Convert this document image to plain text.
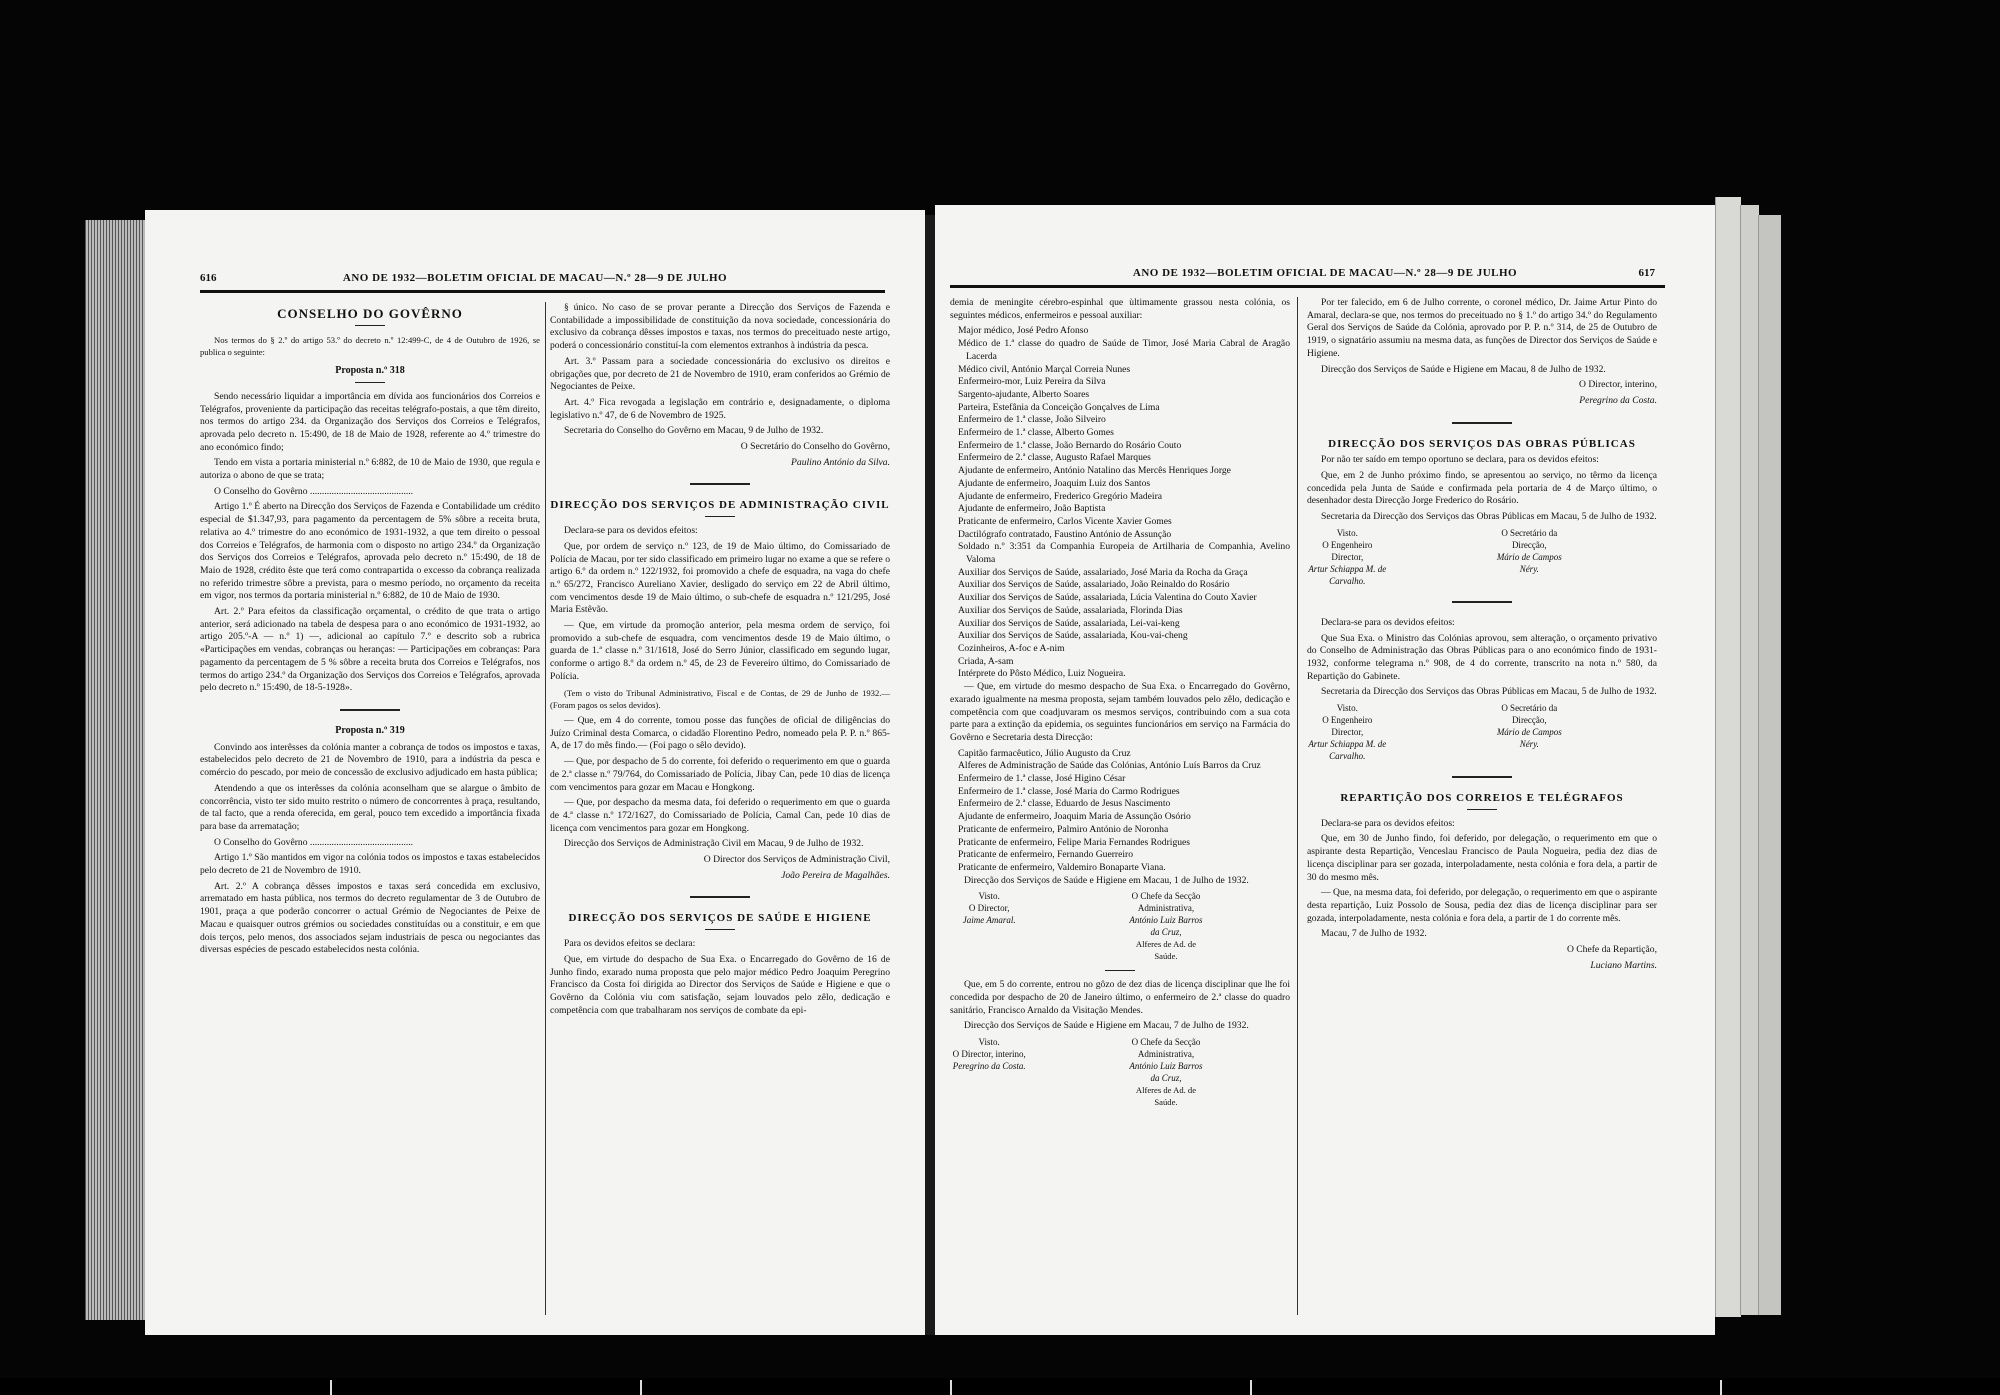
616	ANO DE 1932—BOLETIM OFICIAL DE MACAU—N.º 28—9 DE JULHO
CONSELHO DO GOVÊRNO

Nos termos do § 2.º do artigo 53.º do decreto n.º 12:499-C, de 4 de Outubro de 1926, se publica o seguinte:

Proposta n.º 318

Sendo necessário liquidar a importância em dívida aos funcionários dos Correios e Telégrafos, proveniente da participação das receitas telégrafo-postais, a que têm direito, nos termos do artigo 234. da Organização dos Serviços dos Correios e Telégrafos, aprovada pelo decreto n. 15:490, de 18 de Maio de 1928, referente ao 4.º trimestre do ano económico findo;

Tendo em vista a portaria ministerial n.º 6:882, de 10 de Maio de 1930, que regula e autoriza o abono de que se trata;

O Conselho do Govêrno ...........................................

Artigo 1.º É aberto na Direcção dos Serviços de Fazenda e Contabilidade um crédito especial de $1.347,93, para pagamento da percentagem de 5% sôbre a receita bruta, relativa ao 4.º trimestre do ano económico de 1931-1932, a que tem direito o pessoal dos Correios e Telégrafos, de harmonia com o disposto no artigo 234.º da Organização dos Serviços dos Correios e Telégrafos, aprovada pelo decreto n.º 15:490, de 18 de Maio de 1928, crédito êste que terá como contrapartida o excesso da cobrança realizada no referido trimestre sôbre a prevista, para o mesmo período, no orçamento da receita em vigor, nos termos da portaria ministerial n.º 6:882, de 10 de Maio de 1930.

Art. 2.º Para efeitos da classificação orçamental, o crédito de que trata o artigo anterior, será adicionado na tabela de despesa para o ano económico de 1931-1932, ao artigo 205.º-A — n.º 1) —, adicional ao capítulo 7.º e descrito sob a rubrica «Participações em vendas, cobranças ou heranças: — Participações em cobranças: Para pagamento da percentagem de 5 % sôbre a receita bruta dos Correios e Telégrafos, nos termos do artigo 234.º da Organização dos Serviços dos Correios e Telégrafos, aprovada pelo decreto n.º 15:490, de 18-5-1928».

Proposta n.º 319

Convindo aos interêsses da colónia manter a cobrança de todos os impostos e taxas, estabelecidos pelo decreto de 21 de Novembro de 1910, para a indústria da pesca e comércio do pescado, por meio de concessão de exclusivo adjudicado em hasta pública;

Atendendo a que os interêsses da colónia aconselham que se alargue o âmbito de concorrência, visto ter sido muito restrito o número de concorrentes à praça, resultando, de tal facto, que a renda oferecida, em geral, pouco tem excedido a importância fixada para base da arrematação;

O Conselho do Govêrno ...........................................

Artigo 1.º São mantidos em vigor na colónia todos os impostos e taxas estabelecidos pelo decreto de 21 de Novembro de 1910.

Art. 2.º A cobrança dêsses impostos e taxas será concedida em exclusivo, arrematado em hasta pública, nos termos do decreto regulamentar de 3 de Outubro de 1901, praça a que poderão concorrer o actual Grémio de Negociantes de Peixe de Macau e quaisquer outros grémios ou sociedades constituídas ou a constituir, e em que dois terços, pelo menos, dos associados sejam industriais de pesca ou negociantes das diversas espécies de pescado estabelecidos nesta colónia.

§ único. No caso de se provar perante a Direcção dos Serviços de Fazenda e Contabilidade a impossibilidade de constituição da nova sociedade, concessionária do exclusivo da cobrança dêsses impostos e taxas, nos termos do preceituado neste artigo, poderá o concessionário constituí-la com elementos extranhos à indústria da pesca.

Art. 3.º Passam para a sociedade concessionária do exclusivo os direitos e obrigações que, por decreto de 21 de Novembro de 1910, eram conferidos ao Grémio de Negociantes de Peixe.

Art. 4.º Fica revogada a legislação em contrário e, designadamente, o diploma legislativo n.º 47, de 6 de Novembro de 1925.

Secretaria do Conselho do Govêrno em Macau, 9 de Julho de 1932.

O Secretário do Conselho do Govêrno,

Paulino António da Silva.

DIRECÇÃO DOS SERVIÇOS DE ADMINISTRAÇÃO CIVIL

Declara-se para os devidos efeitos:

Que, por ordem de serviço n.º 123, de 19 de Maio último, do Comissariado de Polícia de Macau, por ter sido classificado em primeiro lugar no exame a que se refere o artigo 6.º da ordem n.º 122/1932, foi promovido a chefe de esquadra, na vaga do chefe n.º 65/272, Francisco Aureliano Xavier, desligado do serviço em 22 de Abril último, com vencimentos desde 19 de Maio último, o sub-chefe de esquadra n.º 121/295, José Maria Estêvão.

— Que, em virtude da promoção anterior, pela mesma ordem de serviço, foi promovido a sub-chefe de esquadra, com vencimentos desde 19 de Maio último, o guarda de 1.ª classe n.º 31/1618, José do Serro Júnior, classificado em segundo lugar, conforme o artigo 8.º da ordem n.º 45, de 23 de Fevereiro último, do Comissariado de Polícia.

(Tem o visto do Tribunal Administrativo, Fiscal e de Contas, de 29 de Junho de 1932.—(Foram pagos os selos devidos).

— Que, em 4 do corrente, tomou posse das funções de oficial de diligências do Juízo Criminal desta Comarca, o cidadão Florentino Pedro, nomeado pela P. P. n.º 865-A, de 17 do mês findo.— (Foi pago o sêlo devido).

— Que, por despacho de 5 do corrente, foi deferido o requerimento em que o guarda de 2.ª classe n.º 79/764, do Comissariado de Polícia, Jibay Can, pede 10 dias de licença com vencimentos para gozar em Macau e Hongkong.

— Que, por despacho da mesma data, foi deferido o requerimento em que o guarda de 4.ª classe n.º 172/1627, do Comissariado de Polícia, Camal Can, pede 10 dias de licença com vencimentos para gozar em Hongkong.

Direcção dos Serviços de Administração Civil em Macau, 9 de Julho de 1932.

O Director dos Serviços de Administração Civil,

João Pereira de Magalhães.

DIRECÇÃO DOS SERVIÇOS DE SAÚDE E HIGIENE

Para os devidos efeitos se declara:

Que, em virtude do despacho de Sua Exa. o Encarregado do Govêrno de 16 de Junho findo, exarado numa proposta que pelo major médico Pedro Joaquim Peregrino Francisco da Costa foi dirigida ao Director dos Serviços de Saúde e Higiene e que o Govêrno da Colónia viu com satisfação, sejam louvados pelo zêlo, dedicação e competência com que trabalharam nos serviços de combate da epi-

ANO DE 1932—BOLETIM OFICIAL DE MACAU—N.º 28—9 DE JULHO	617

demia de meningite cérebro-espinhal que ùltimamente grassou nesta colónia, os seguintes médicos, enfermeiros e pessoal auxiliar:

Major médico, José Pedro Afonso
Médico de 1.ª classe do quadro de Saúde de Timor, José Maria Cabral de Aragão Lacerda
Médico civil, António Marçal Correia Nunes
Enfermeiro-mor, Luiz Pereira da Silva
Sargento-ajudante, Alberto Soares
Parteira, Estefânia da Conceição Gonçalves de Lima
Enfermeiro de 1.ª classe, João Silveiro
Enfermeiro de 1.ª classe, Alberto Gomes
Enfermeiro de 1.ª classe, João Bernardo do Rosário Couto
Enfermeiro de 2.ª classe, Augusto Rafael Marques
Ajudante de enfermeiro, António Natalino das Mercês Henriques Jorge
Ajudante de enfermeiro, Joaquim Luiz dos Santos
Ajudante de enfermeiro, Frederico Gregório Madeira
Ajudante de enfermeiro, João Baptista
Praticante de enfermeiro, Carlos Vicente Xavier Gomes
Dactilógrafo contratado, Faustino António de Assunção
Soldado n.º 3:351 da Companhia Europeia de Artilharia de Companhia, Avelino Valoma
Auxiliar dos Serviços de Saúde, assalariado, José Maria da Rocha da Graça
Auxiliar dos Serviços de Saúde, assalariado, João Reinaldo do Rosário
Auxiliar dos Serviços de Saúde, assalariada, Lúcia Valentina do Couto Xavier
Auxiliar dos Serviços de Saúde, assalariada, Florinda Dias
Auxiliar dos Serviços de Saúde, assalariada, Lei-vai-keng
Auxiliar dos Serviços de Saúde, assalariada, Kou-vai-cheng
Cozinheiros, A-foc e A-nim
Criada, A-sam
Intérprete do Pôsto Médico, Luiz Nogueira.

— Que, em virtude do mesmo despacho de Sua Exa. o Encarregado do Govêrno, exarado igualmente na mesma proposta, sejam também louvados pelo zêlo, dedicação e competência com que coadjuvaram os mesmos serviços, contribuindo com a sua cota parte para a extinção da epidemia, os seguintes funcionários em serviço na Farmácia do Govêrno e Secretaria desta Direcção:

Capitão farmacêutico, Júlio Augusto da Cruz
Alferes de Administração de Saúde das Colónias, António Luís Barros da Cruz
Enfermeiro de 1.ª classe, José Higino César
Enfermeiro de 1.ª classe, José Maria do Carmo Rodrigues
Enfermeiro de 2.ª classe, Eduardo de Jesus Nascimento
Ajudante de enfermeiro, Joaquim Maria de Assunção Osório
Praticante de enfermeiro, Palmiro António de Noronha
Praticante de enfermeiro, Felipe Maria Fernandes Rodrigues
Praticante de enfermeiro, Fernando Guerreiro
Praticante de enfermeiro, Valdemiro Bonaparte Viana.

Direcção dos Serviços de Saúde e Higiene em Macau, 1 de Julho de 1932.

Visto.
O Director,
Jaime Amaral.
O Chefe da Secção Administrativa,
António Luiz Barros da Cruz,
Alferes de Ad. de Saúde.

Que, em 5 do corrente, entrou no gôzo de dez dias de licença disciplinar que lhe foi concedida por despacho de 20 de Janeiro último, o enfermeiro de 2.ª classe do quadro sanitário, Francisco Arnaldo da Visitação Mendes.

Direcção dos Serviços de Saúde e Higiene em Macau, 7 de Julho de 1932.

Visto.
O Director, interino,
Peregrino da Costa.
O Chefe da Secção Administrativa,
António Luiz Barros da Cruz,
Alferes de Ad. de Saúde.

Por ter falecido, em 6 de Julho corrente, o coronel médico, Dr. Jaime Artur Pinto do Amaral, declara-se que, nos termos do preceituado no § 1.º do artigo 34.º do Regulamento Geral dos Serviços de Saúde da Colónia, aprovado por P. P. n.º 314, de 25 de Outubro de 1919, o signatário assumiu na mesma data, as funções de Director dos Serviços de Saúde e Higiene.

Direcção dos Serviços de Saúde e Higiene em Macau, 8 de Julho de 1932.

O Director, interino,

Peregrino da Costa.

DIRECÇÃO DOS SERVIÇOS DAS OBRAS PÚBLICAS

Por não ter saído em tempo oportuno se declara, para os devidos efeitos:

Que, em 2 de Junho próximo findo, se apresentou ao serviço, no têrmo da licença concedida pela Junta de Saúde e confirmada pela portaria de 4 de Março último, o desenhador desta Direcção Jorge Frederico do Rosário.

Secretaria da Direcção dos Serviços das Obras Públicas em Macau, 5 de Julho de 1932.

Visto.
O Engenheiro Director,
Artur Schiappa M. de Carvalho.
O Secretário da Direcção,
Mário de Campos Néry.

Declara-se para os devidos efeitos:

Que Sua Exa. o Ministro das Colónias aprovou, sem alteração, o orçamento privativo do Conselho de Administração das Obras Públicas para o ano económico findo de 1931-1932, conforme telegrama n.º 908, de 4 do corrente, transcrito na nota n.º 580, da Repartição do Gabinete.

Secretaria da Direcção dos Serviços das Obras Públicas em Macau, 5 de Julho de 1932.

Visto.
O Engenheiro Director,
Artur Schiappa M. de Carvalho.
O Secretário da Direcção,
Mário de Campos Néry.
REPARTIÇÃO DOS CORREIOS E TELÉGRAFOS

Declara-se para os devidos efeitos:

Que, em 30 de Junho findo, foi deferido, por delegação, o requerimento em que o aspirante desta Repartição, Venceslau Francisco de Paula Nogueira, pedia dez dias de licença disciplinar para ser gozada, interpoladamente, nesta colónia e fora dela, a partir de 30 do mesmo mês.

— Que, na mesma data, foi deferido, por delegação, o requerimento em que o aspirante desta repartição, Luiz Possolo de Sousa, pedia dez dias de licença disciplinar para ser gozada, interpoladamente, nesta colónia e fora dela, a partir de 1 do corrente mês.

Macau, 7 de Julho de 1932.

O Chefe da Repartição,

Luciano Martins.
